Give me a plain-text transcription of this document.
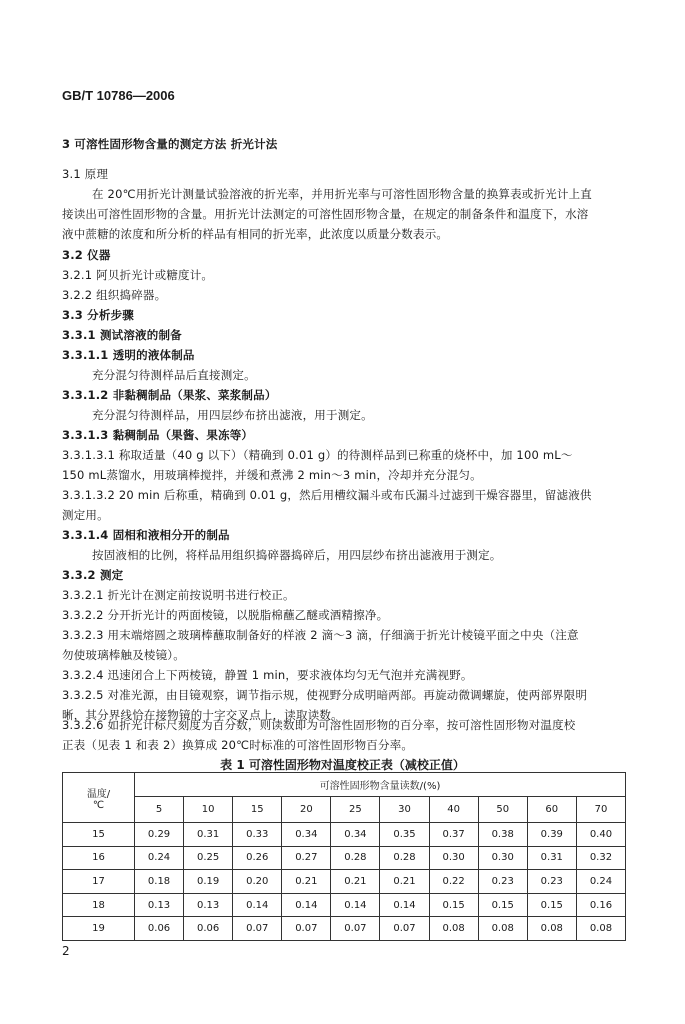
GB/T 10786—2006
3 可溶性固形物含量的测定方法 折光计法
3.1 原理
在 20℃用折光计测量试验溶液的折光率，并用折光率与可溶性固形物含量的换算表或折光计上直
接读出可溶性固形物的含量。用折光计法测定的可溶性固形物含量，在规定的制备条件和温度下，水溶
液中蔗糖的浓度和所分析的样品有相同的折光率，此浓度以质量分数表示。
3.2 仪器
3.2.1 阿贝折光计或糖度计。
3.2.2 组织捣碎器。
3.3 分析步骤
3.3.1 测试溶液的制备
3.3.1.1 透明的液体制品
充分混匀待测样品后直接测定。
3.3.1.2 非黏稠制品（果浆、菜浆制品）
充分混匀待测样品，用四层纱布挤出滤液，用于测定。
3.3.1.3 黏稠制品（果酱、果冻等）
3.3.1.3.1 称取适量（40 g 以下）（精确到 0.01 g）的待测样品到已称重的烧杯中，加 100 mL～
150 mL蒸馏水，用玻璃棒搅拌，并缓和煮沸 2 min～3 min，冷却并充分混匀。
3.3.1.3.2 20 min 后称重，精确到 0.01 g，然后用槽纹漏斗或布氏漏斗过滤到干燥容器里，留滤液供
测定用。
3.3.1.4 固相和液相分开的制品
按固液相的比例，将样品用组织捣碎器捣碎后，用四层纱布挤出滤液用于测定。
3.3.2 测定
3.3.2.1 折光计在测定前按说明书进行校正。
3.3.2.2 分开折光计的两面棱镜，以脱脂棉蘸乙醚或酒精擦净。
3.3.2.3 用末端熔圆之玻璃棒蘸取制备好的样液 2 滴～3 滴，仔细滴于折光计棱镜平面之中央（注意
勿使玻璃棒触及棱镜）。
3.3.2.4 迅速闭合上下两棱镜，静置 1 min，要求液体均匀无气泡并充满视野。
3.3.2.5 对准光源，由目镜观察，调节指示规，使视野分成明暗两部。再旋动微调螺旋，使两部界限明
晰，其分界线恰在接物镜的十字交叉点上，读取读数。
3.3.2.6 如折光计标尺刻度为百分数，则读数即为可溶性固形物的百分率，按可溶性固形物对温度校
正表（见表 1 和表 2）换算成 20℃时标准的可溶性固形物百分率。
表 1 可溶性固形物对温度校正表（减校正值）
温度/
℃	可溶性固形物含量读数/(%)									
	5	10	15	20	25	30	40	50	60	70
15	0.29	0.31	0.33	0.34	0.34	0.35	0.37	0.38	0.39	0.40
16	0.24	0.25	0.26	0.27	0.28	0.28	0.30	0.30	0.31	0.32
17	0.18	0.19	0.20	0.21	0.21	0.21	0.22	0.23	0.23	0.24
18	0.13	0.13	0.14	0.14	0.14	0.14	0.15	0.15	0.15	0.16
19	0.06	0.06	0.07	0.07	0.07	0.07	0.08	0.08	0.08	0.08
2
